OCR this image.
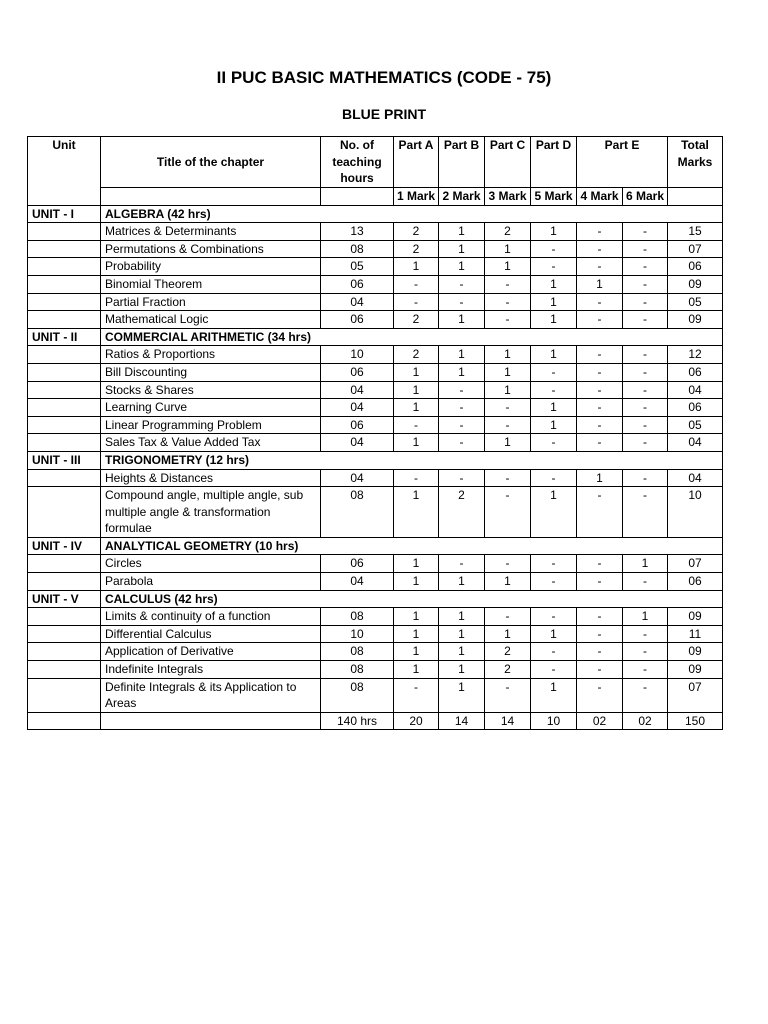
II PUC BASIC MATHEMATICS (CODE - 75)
BLUE PRINT
Unit	Title of the chapter	No. of teaching hours	Part A	Part B	Part C	Part D	Part E		Total Marks
			1 Mark	2 Mark	3 Mark	5 Mark	4 Mark	6 Mark	
UNIT - I	ALGEBRA (42 hrs)								
	Matrices & Determinants	13	2	1	2	1	-	-	15
	Permutations & Combinations	08	2	1	1	-	-	-	07
	Probability	05	1	1	1	-	-	-	06
	Binomial Theorem	06	-	-	-	1	1	-	09
	Partial Fraction	04	-	-	-	1	-	-	05
	Mathematical Logic	06	2	1	-	1	-	-	09
UNIT - II	COMMERCIAL ARITHMETIC (34 hrs)								
	Ratios & Proportions	10	2	1	1	1	-	-	12
	Bill Discounting	06	1	1	1	-	-	-	06
	Stocks & Shares	04	1	-	1	-	-	-	04
	Learning Curve	04	1	-	-	1	-	-	06
	Linear Programming Problem	06	-	-	-	1	-	-	05
	Sales Tax & Value Added Tax	04	1	-	1	-	-	-	04
UNIT - III	TRIGONOMETRY (12 hrs)								
	Heights & Distances	04	-	-	-	-	1	-	04
	Compound angle, multiple angle, sub multiple angle & transformation formulae	08	1	2	-	1	-	-	10
UNIT - IV	ANALYTICAL GEOMETRY (10 hrs)								
	Circles	06	1	-	-	-	-	1	07
	Parabola	04	1	1	1	-	-	-	06
UNIT - V	CALCULUS (42 hrs)								
	Limits & continuity of a function	08	1	1	-	-	-	1	09
	Differential Calculus	10	1	1	1	1	-	-	11
	Application of Derivative	08	1	1	2	-	-	-	09
	Indefinite Integrals	08	1	1	2	-	-	-	09
	Definite Integrals & its Application to Areas	08	-	1	-	1	-	-	07
		140 hrs	20	14	14	10	02	02	150
